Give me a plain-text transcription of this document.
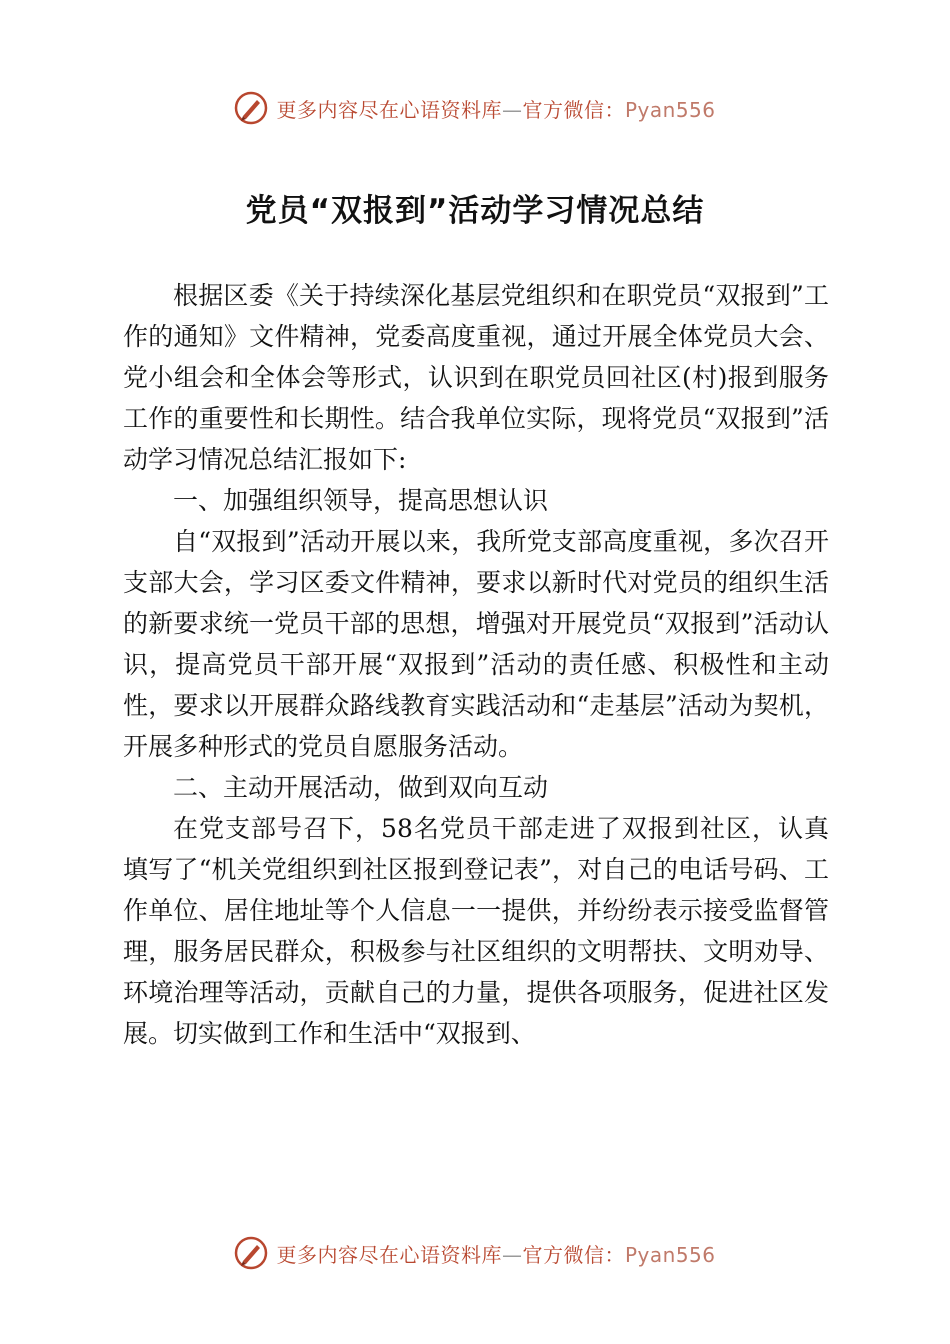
更多内容尽在心语资料库—官方微信：Pyan556
党员“双报到”活动学习情况总结

根据区委《关于持续深化基层党组织和在职党员“双报到”工作的通知》文件精神，党委高度重视，通过开展全体党员大会、党小组会和全体会等形式，认识到在职党员回社区(村)报到服务工作的重要性和长期性。结合我单位实际，现将党员“双报到”活动学习情况总结汇报如下:

一、加强组织领导，提高思想认识

自“双报到”活动开展以来，我所党支部高度重视，多次召开支部大会，学习区委文件精神，要求以新时代对党员的组织生活的新要求统一党员干部的思想，增强对开展党员“双报到”活动认识，提高党员干部开展“双报到”活动的责任感、积极性和主动性，要求以开展群众路线教育实践活动和“走基层”活动为契机，开展多种形式的党员自愿服务活动。

二、主动开展活动，做到双向互动

在党支部号召下，58名党员干部走进了双报到社区，认真填写了“机关党组织到社区报到登记表”，对自己的电话号码、工作单位、居住地址等个人信息一一提供，并纷纷表示接受监督管理，服务居民群众，积极参与社区组织的文明帮扶、文明劝导、环境治理等活动，贡献自己的力量，提供各项服务，促进社区发展。切实做到工作和生活中“双报到、

更多内容尽在心语资料库—官方微信：Pyan556
